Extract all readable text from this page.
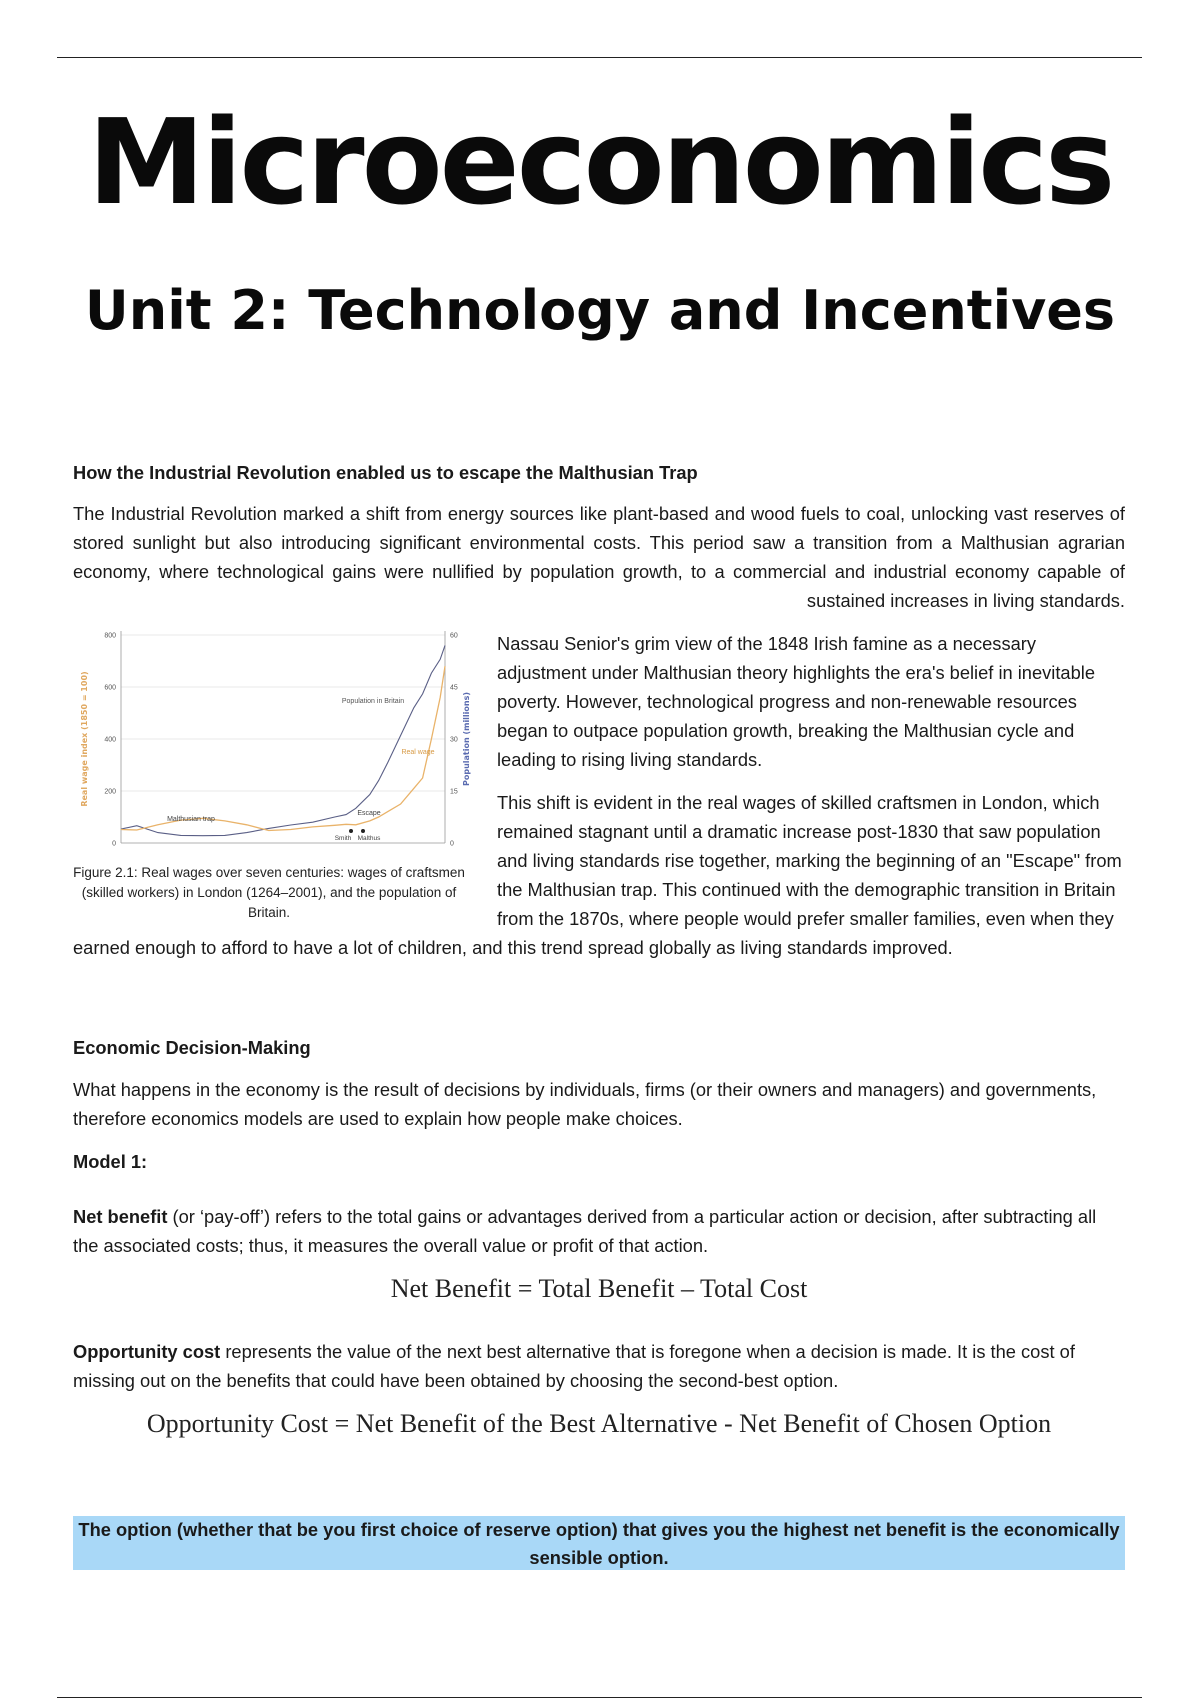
Microeconomics
Unit 2: Technology and Incentives

How the Industrial Revolution enabled us to escape the Malthusian Trap

The Industrial Revolution marked a shift from energy sources like plant-based and wood fuels to coal, unlocking vast reserves of stored sunlight but also introducing significant environmental costs. This period saw a transition from a Malthusian agrarian economy, where technological gains were nullified by population growth, to a commercial and industrial economy capable of sustained increases in living standards.

0
200
400
600
800
0
15
30
45
60
Real wage index (1850 = 100)	Population (millions)
Population in Britain
Real wage
Malthusian trap
Escape
Smith Malthus
Figure 2.1: Real wages over seven centuries: wages of craftsmen (skilled workers) in London (1264–2001), and the population of Britain.

Nassau Senior's grim view of the 1848 Irish famine as a necessary adjustment under Malthusian theory highlights the era's belief in inevitable poverty. However, technological progress and non-renewable resources began to outpace population growth, breaking the Malthusian cycle and leading to rising living standards.

This shift is evident in the real wages of skilled craftsmen in London, which remained stagnant until a dramatic increase post-1830 that saw population and living standards rise together, marking the beginning of an "Escape" from the Malthusian trap. This continued with the demographic transition in Britain from the 1870s, where people would prefer smaller families, even when they earned enough to afford to have a lot of children, and this trend spread globally as living standards improved.

Economic Decision-Making

What happens in the economy is the result of decisions by individuals, firms (or their owners and managers) and governments, therefore economics models are used to explain how people make choices.

Model 1:

Net benefit (or ‘pay-off’) refers to the total gains or advantages derived from a particular action or decision, after subtracting all the associated costs; thus, it measures the overall value or profit of that action.

Net Benefit = Total Benefit – Total Cost

Opportunity cost represents the value of the next best alternative that is foregone when a decision is made. It is the cost of missing out on the benefits that could have been obtained by choosing the second-best option.

Opportunity Cost = Net Benefit of the Best Alternative - Net Benefit of Chosen Option

The option (whether that be you first choice of reserve option) that gives you the highest net benefit is the economically sensible option.
